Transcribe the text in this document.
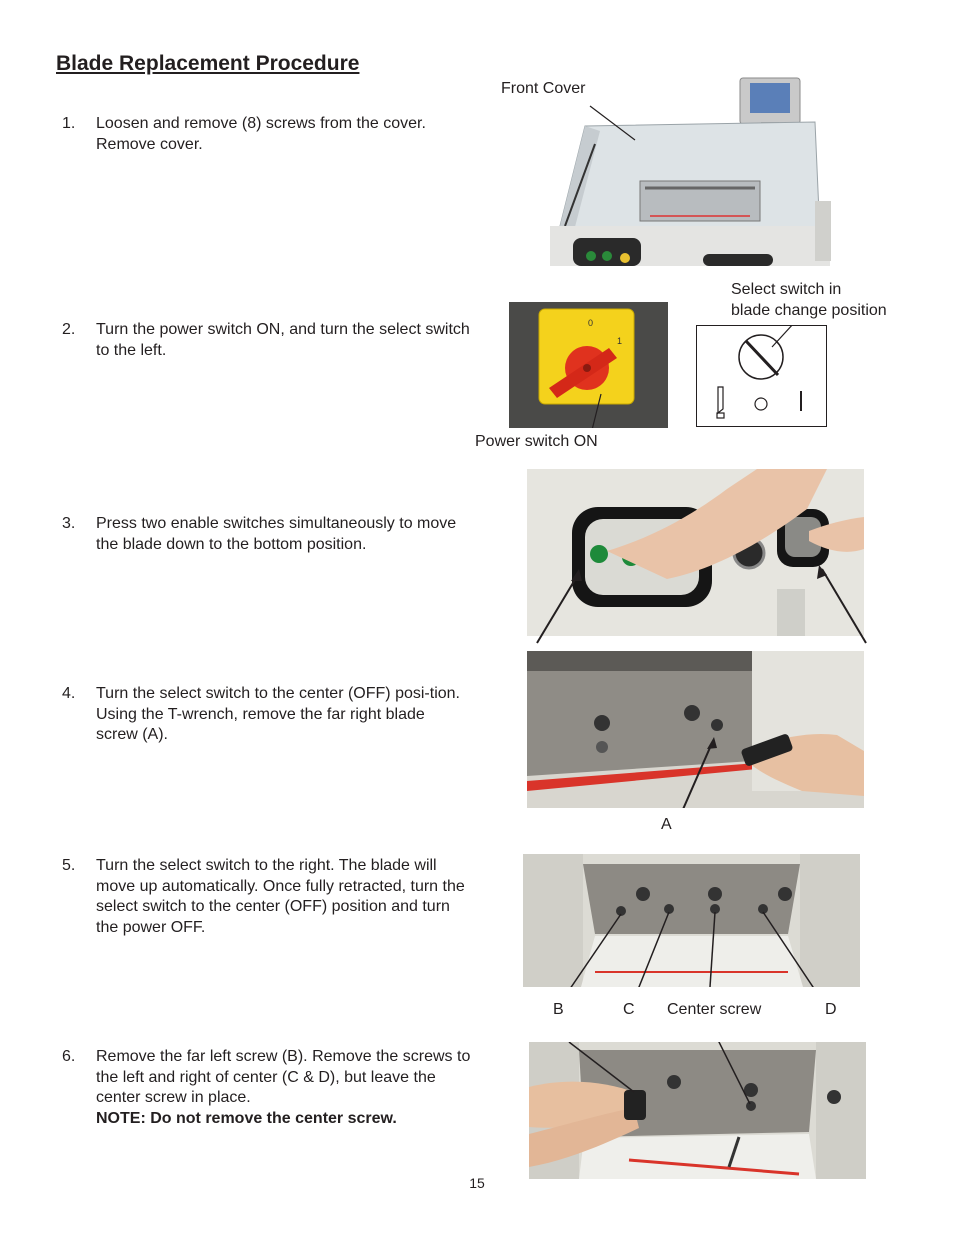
Blade Replacement Procedure
1. Loosen and remove (8) screws from the cover. Remove cover.
2. Turn the power switch ON, and turn the select switch to the left.
3. Press two enable switches simultaneously to move the blade down to the bottom position.
4. Turn the select switch to the center (OFF) posi-tion. Using the T-wrench, remove the far right blade screw (A).
5. Turn the select switch to the right. The blade will move up automatically. Once fully retracted, turn the select switch to the center (OFF) position and turn the power OFF.
6. Remove the far left screw (B). Remove the screws to the left and right of center (C & D), but leave the center screw in place.
NOTE: Do not remove the center screw.
Front Cover
0
1
Power switch ON
Select switch in
blade change position
A
B	C Center screw	D
15
